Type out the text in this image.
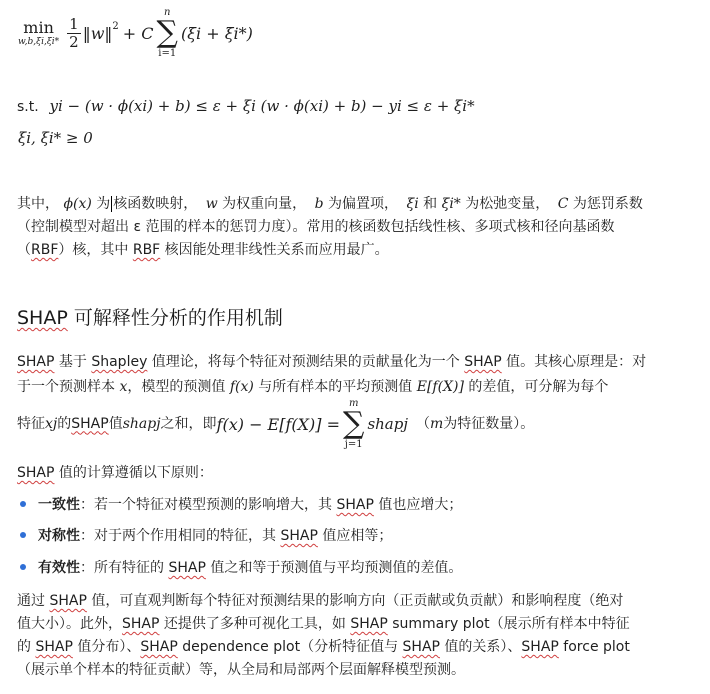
min
$w,b,\xi i,\xi i* \frac{1}{2}$ ‖w‖$^2$ + C
n
∑
i=1
(ξi + ξi*)
s.t. yi − (w · ϕ(xi) + b) ≤ ε + ξi (w · ϕ(xi) + b) − yi ≤ ε + ξi*
ξi, ξi* ≥ 0
其中， ϕ(x) 为 核函数映射， w 为权重向量， b 为偏置项， ξi 和 ξi* 为松弛变量， C 为惩罚系数
（控制模型对超出 ε 范围的样本的惩罚力度）。常用的核函数包括线性核、多项式核和径向基函数
（RBF）核，其中 RBF 核因能处理非线性关系而应用最广。
SHAP 可解释性分析的作用机制
SHAP 基于 Shapley 值理论，将每个特征对预测结果的贡献量化为一个 SHAP 值。其核心原理是：对
于一个预测样本 x，模型的预测值 f(x) 与所有样本的平均预测值 E[f(X)] 的差值，可分解为每个
特征 xj 的 SHAP 值 shapj 之和，即 f(x) − E[f(X)] =
m
∑
j=1
shapj （ m 为特征数量）。
SHAP 值的计算遵循以下原则：
一致性：若一个特征对模型预测的影响增大，其 SHAP 值也应增大；
对称性：对于两个作用相同的特征，其 SHAP 值应相等；
有效性：所有特征的 SHAP 值之和等于预测值与平均预测值的差值。
通过 SHAP 值，可直观判断每个特征对预测结果的影响方向（正贡献或负贡献）和影响程度（绝对
值大小）。此外，SHAP 还提供了多种可视化工具，如 SHAP summary plot（展示所有样本中特征
的 SHAP 值分布）、SHAP dependence plot（分析特征值与 SHAP 值的关系）、SHAP force plot
（展示单个样本的特征贡献）等，从全局和局部两个层面解释模型预测。
